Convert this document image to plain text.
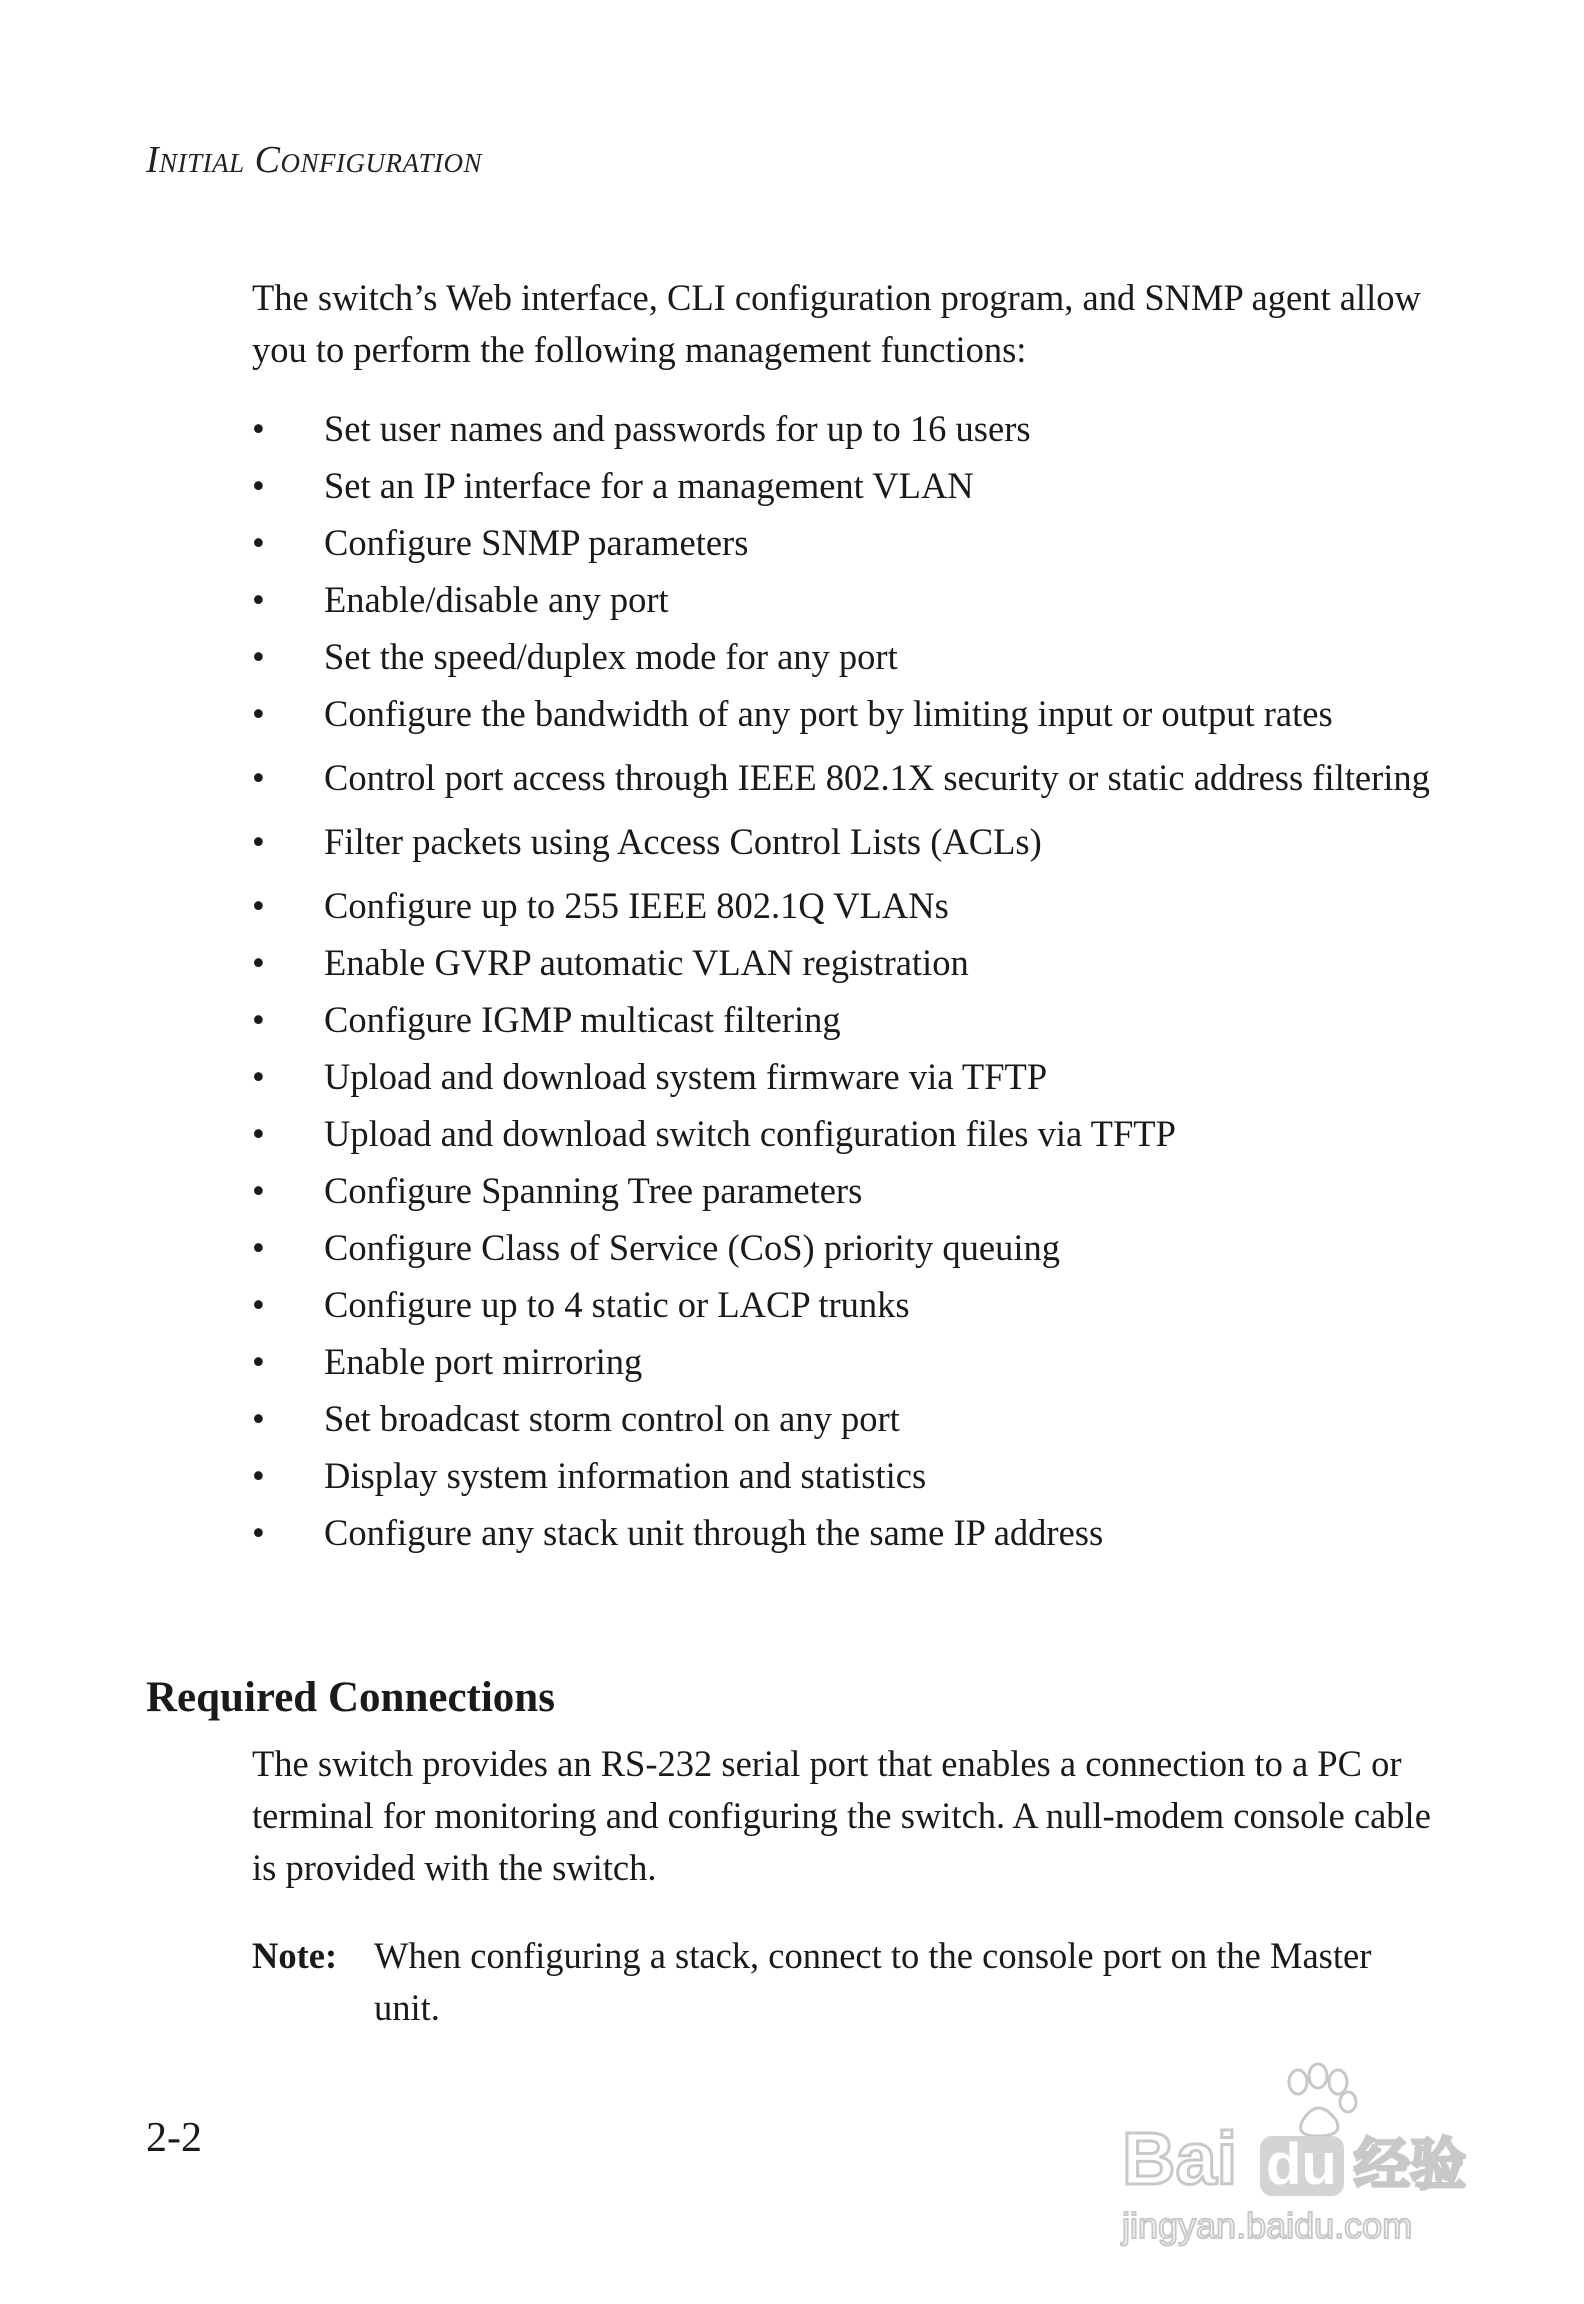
Initial Configuration

The switch’s Web interface, CLI configuration program, and SNMP agent allow you to perform the following management functions:

•	Set user names and passwords for up to 16 users
•	Set an IP interface for a management VLAN
•	Configure SNMP parameters
•	Enable/disable any port
•	Set the speed/duplex mode for any port
•	Configure the bandwidth of any port by limiting input or output rates
•	Control port access through IEEE 802.1X security or static address filtering
•	Filter packets using Access Control Lists (ACLs)
•	Configure up to 255 IEEE 802.1Q VLANs
•	Enable GVRP automatic VLAN registration
•	Configure IGMP multicast filtering
•	Upload and download system firmware via TFTP
•	Upload and download switch configuration files via TFTP
•	Configure Spanning Tree parameters
•	Configure Class of Service (CoS) priority queuing
•	Configure up to 4 static or LACP trunks
•	Enable port mirroring
•	Set broadcast storm control on any port
•	Display system information and statistics
•	Configure any stack unit through the same IP address
Required Connections

The switch provides an RS-232 serial port that enables a connection to a PC or terminal for monitoring and configuring the switch. A null-modem console cable is provided with the switch.

Note: When configuring a stack, connect to the console port on the Master unit.
2-2	Bai du 经验
jingyan.baidu.com
